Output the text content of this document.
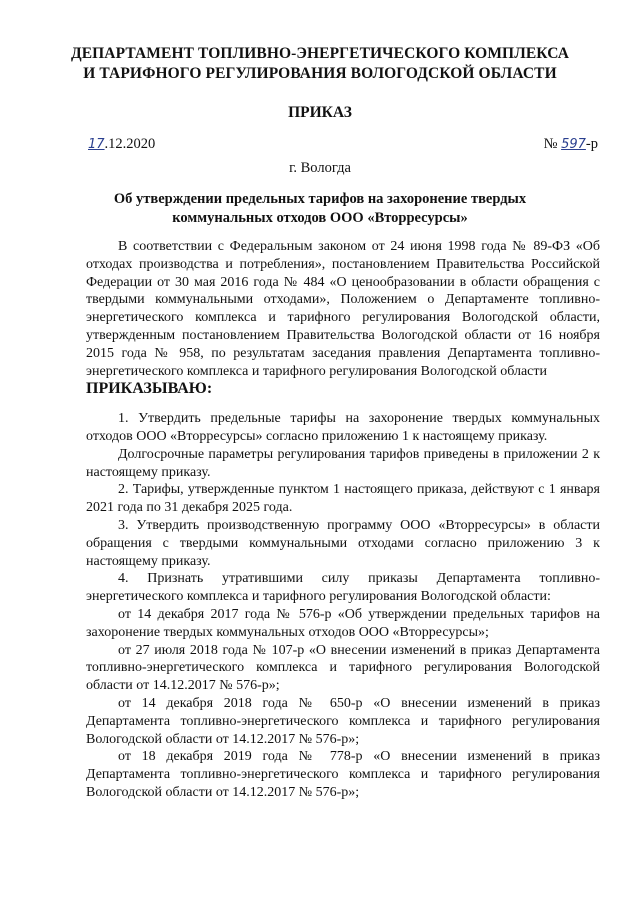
ДЕПАРТАМЕНТ ТОПЛИВНО-ЭНЕРГЕТИЧЕСКОГО КОМПЛЕКСА
И ТАРИФНОГО РЕГУЛИРОВАНИЯ ВОЛОГОДСКОЙ ОБЛАСТИ
ПРИКАЗ
17.12.2020	№ 597-р
г. Вологда
Об утверждении предельных тарифов на захоронение твердых
коммунальных отходов ООО «Вторресурсы»

В соответствии с Федеральным законом от 24 июня 1998 года № 89-ФЗ «Об отходах производства и потребления», постановлением Правительства Российской Федерации от 30 мая 2016 года № 484 «О ценообразовании в области обращения с твердыми коммунальными отходами», Положением о Департаменте топливно-энергетического комплекса и тарифного регулирования Вологодской области, утвержденным постановлением Правительства Вологодской области от 16 ноября 2015 года № 958, по результатам заседания правления Департамента топливно-энергетического комплекса и тарифного регулирования Вологодской области

ПРИКАЗЫВАЮ:

1. Утвердить предельные тарифы на захоронение твердых коммунальных отходов ООО «Вторресурсы» согласно приложению 1 к настоящему приказу.

Долгосрочные параметры регулирования тарифов приведены в приложении 2 к настоящему приказу.

2. Тарифы, утвержденные пунктом 1 настоящего приказа, действуют с 1 января 2021 года по 31 декабря 2025 года.

3. Утвердить производственную программу ООО «Вторресурсы» в области обращения с твердыми коммунальными отходами согласно приложению 3 к настоящему приказу.

4. Признать утратившими силу приказы Департамента топливно-энергетического комплекса и тарифного регулирования Вологодской области:

от 14 декабря 2017 года № 576-р «Об утверждении предельных тарифов на захоронение твердых коммунальных отходов ООО «Вторресурсы»;

от 27 июля 2018 года № 107-р «О внесении изменений в приказ Департамента топливно-энергетического комплекса и тарифного регулирования Вологодской области от 14.12.2017 № 576-р»;

от 14 декабря 2018 года № 650-р «О внесении изменений в приказ Департамента топливно-энергетического комплекса и тарифного регулирования Вологодской области от 14.12.2017 № 576-р»;

от 18 декабря 2019 года № 778-р «О внесении изменений в приказ Департамента топливно-энергетического комплекса и тарифного регулирования Вологодской области от 14.12.2017 № 576-р»;
